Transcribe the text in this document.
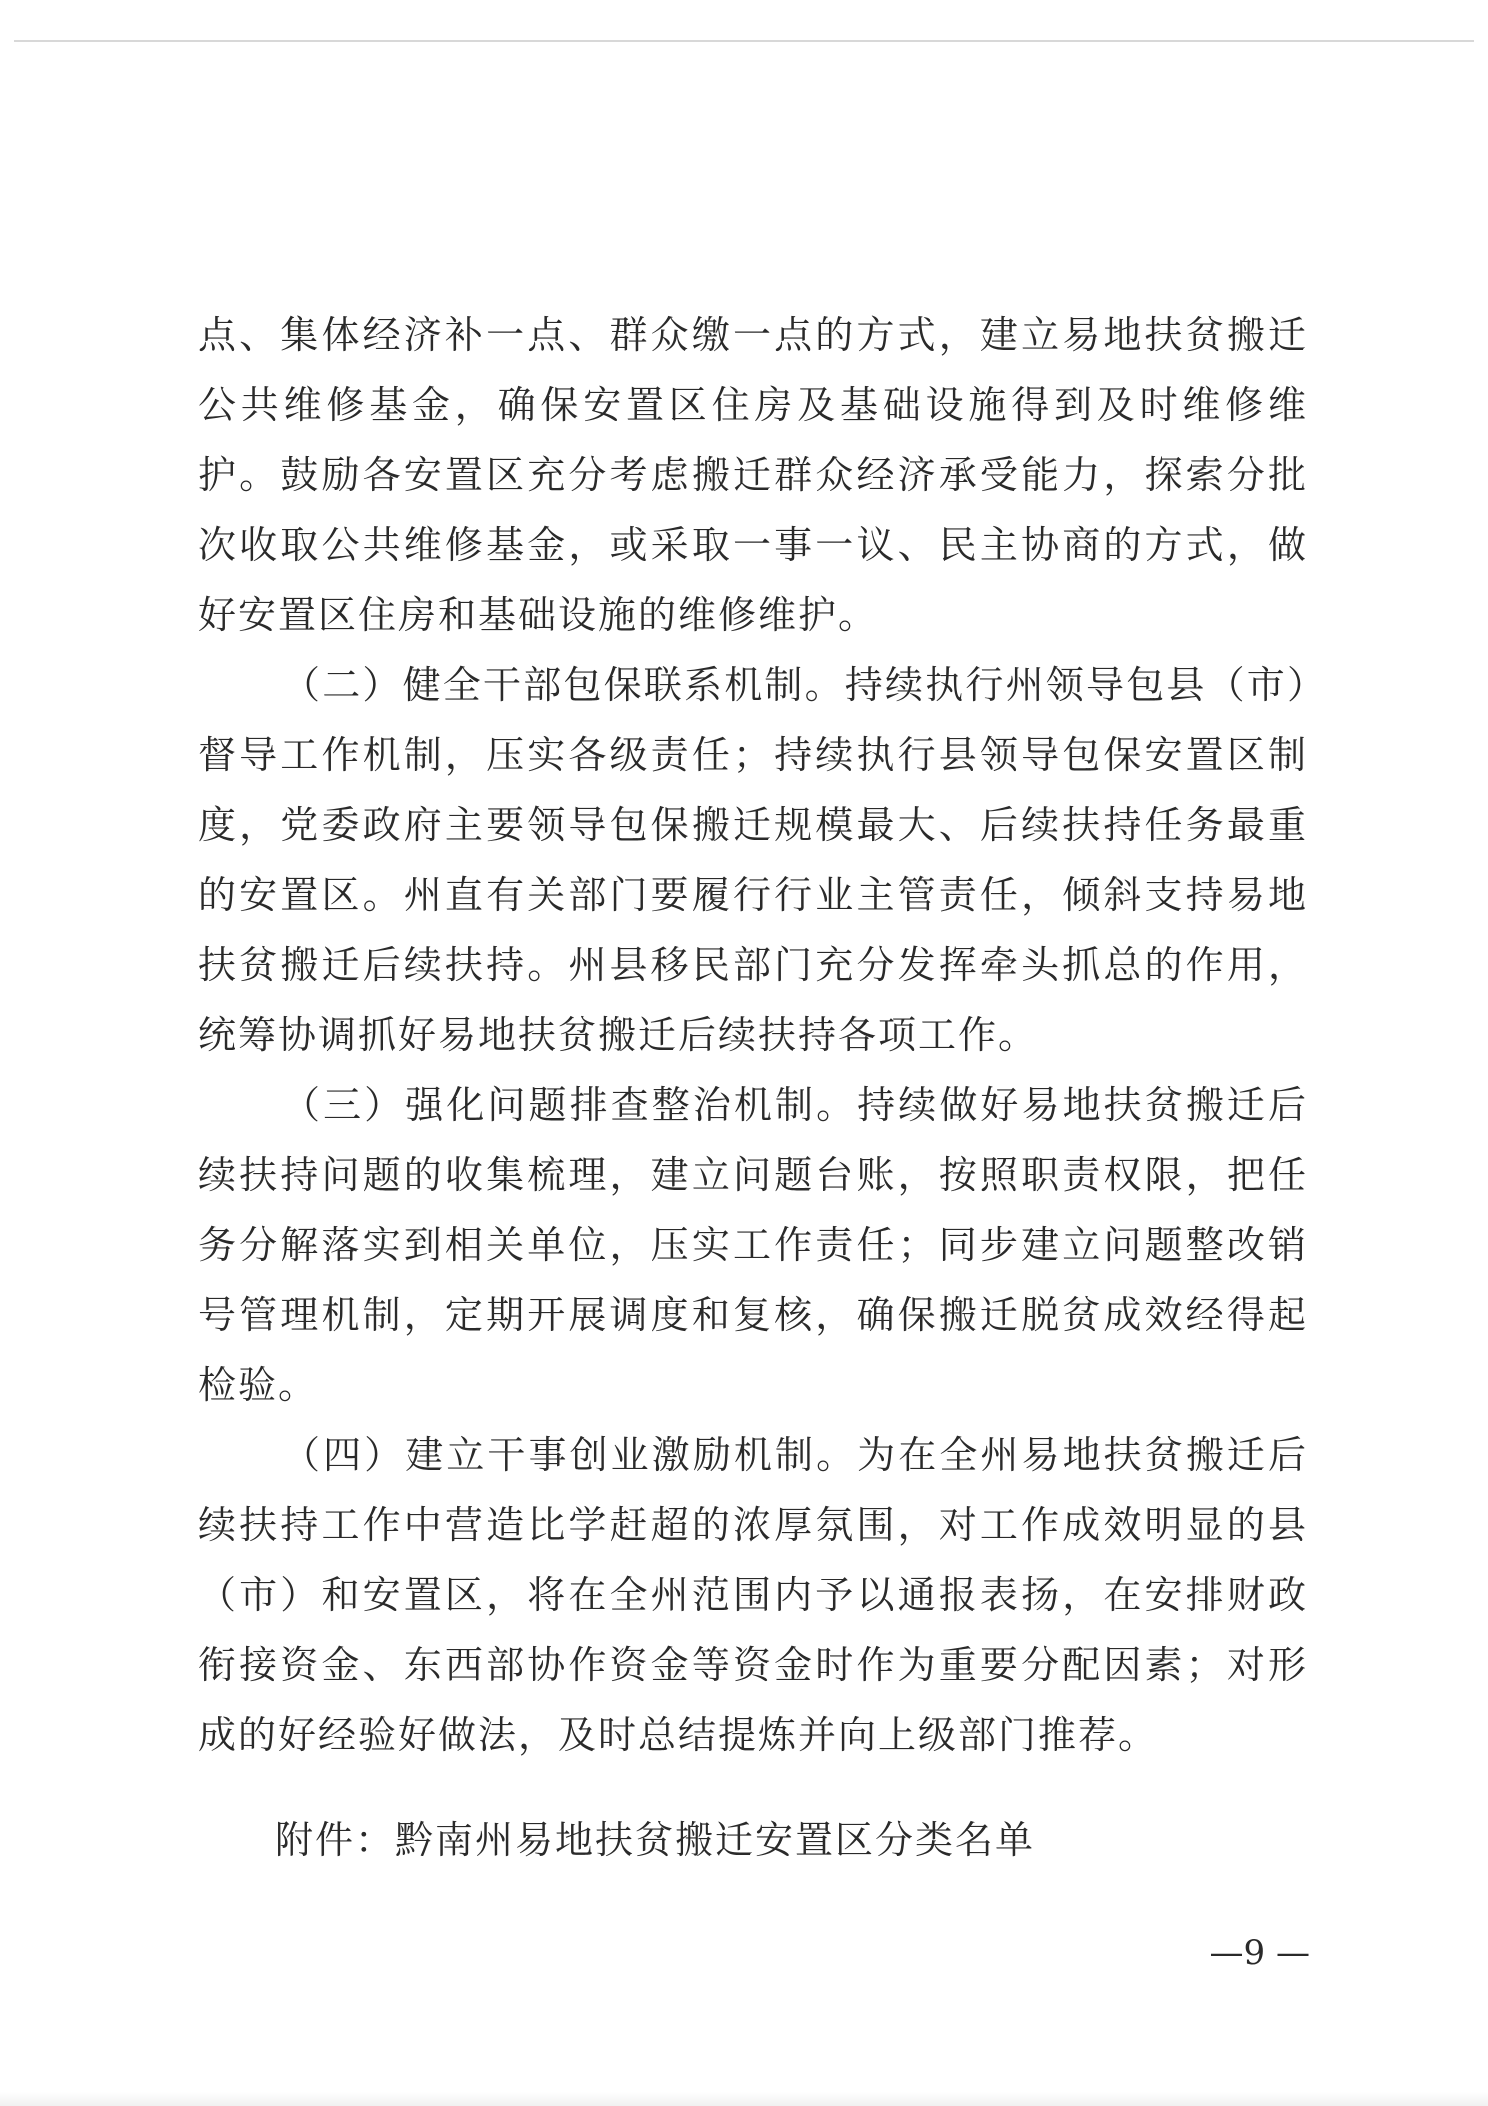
点、集体经济补一点、群众缴一点的方式，建立易地扶贫搬迁公共维修基金，确保安置区住房及基础设施得到及时维修维护。鼓励各安置区充分考虑搬迁群众经济承受能力，探索分批次收取公共维修基金，或采取一事一议、民主协商的方式，做好安置区住房和基础设施的维修维护。

（二）健全干部包保联系机制。持续执行州领导包县（市）督导工作机制，压实各级责任；持续执行县领导包保安置区制度，党委政府主要领导包保搬迁规模最大、后续扶持任务最重的安置区。州直有关部门要履行行业主管责任，倾斜支持易地扶贫搬迁后续扶持。州县移民部门充分发挥牵头抓总的作用，统筹协调抓好易地扶贫搬迁后续扶持各项工作。

（三）强化问题排查整治机制。持续做好易地扶贫搬迁后续扶持问题的收集梳理，建立问题台账，按照职责权限，把任务分解落实到相关单位，压实工作责任；同步建立问题整改销号管理机制，定期开展调度和复核，确保搬迁脱贫成效经得起检验。

（四）建立干事创业激励机制。为在全州易地扶贫搬迁后续扶持工作中营造比学赶超的浓厚氛围，对工作成效明显的县（市）和安置区，将在全州范围内予以通报表扬，在安排财政衔接资金、东西部协作资金等资金时作为重要分配因素；对形成的好经验好做法，及时总结提炼并向上级部门推荐。

附件：黔南州易地扶贫搬迁安置区分类名单
—9 —
